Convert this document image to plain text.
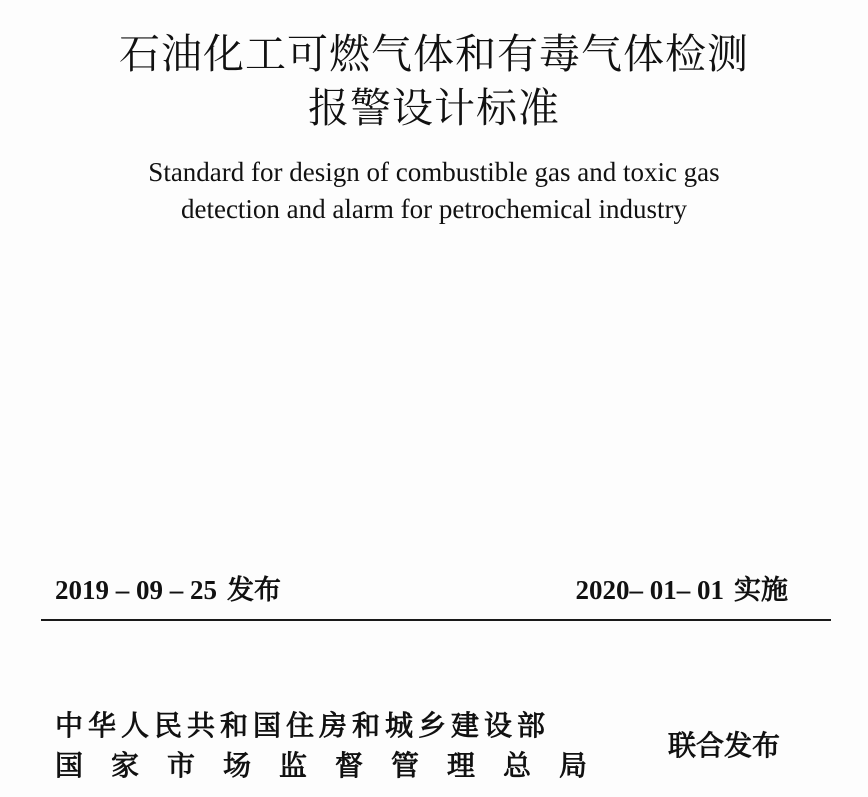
石油化工可燃气体和有毒气体检测
报警设计标准
Standard for design of combustible gas and toxic gas
detection and alarm for petrochemical industry
2019 – 09 – 25 发布	2020– 01– 01 实施
中华人民共和国住房和城乡建设部
国家市场监督管理总局
联合发布
